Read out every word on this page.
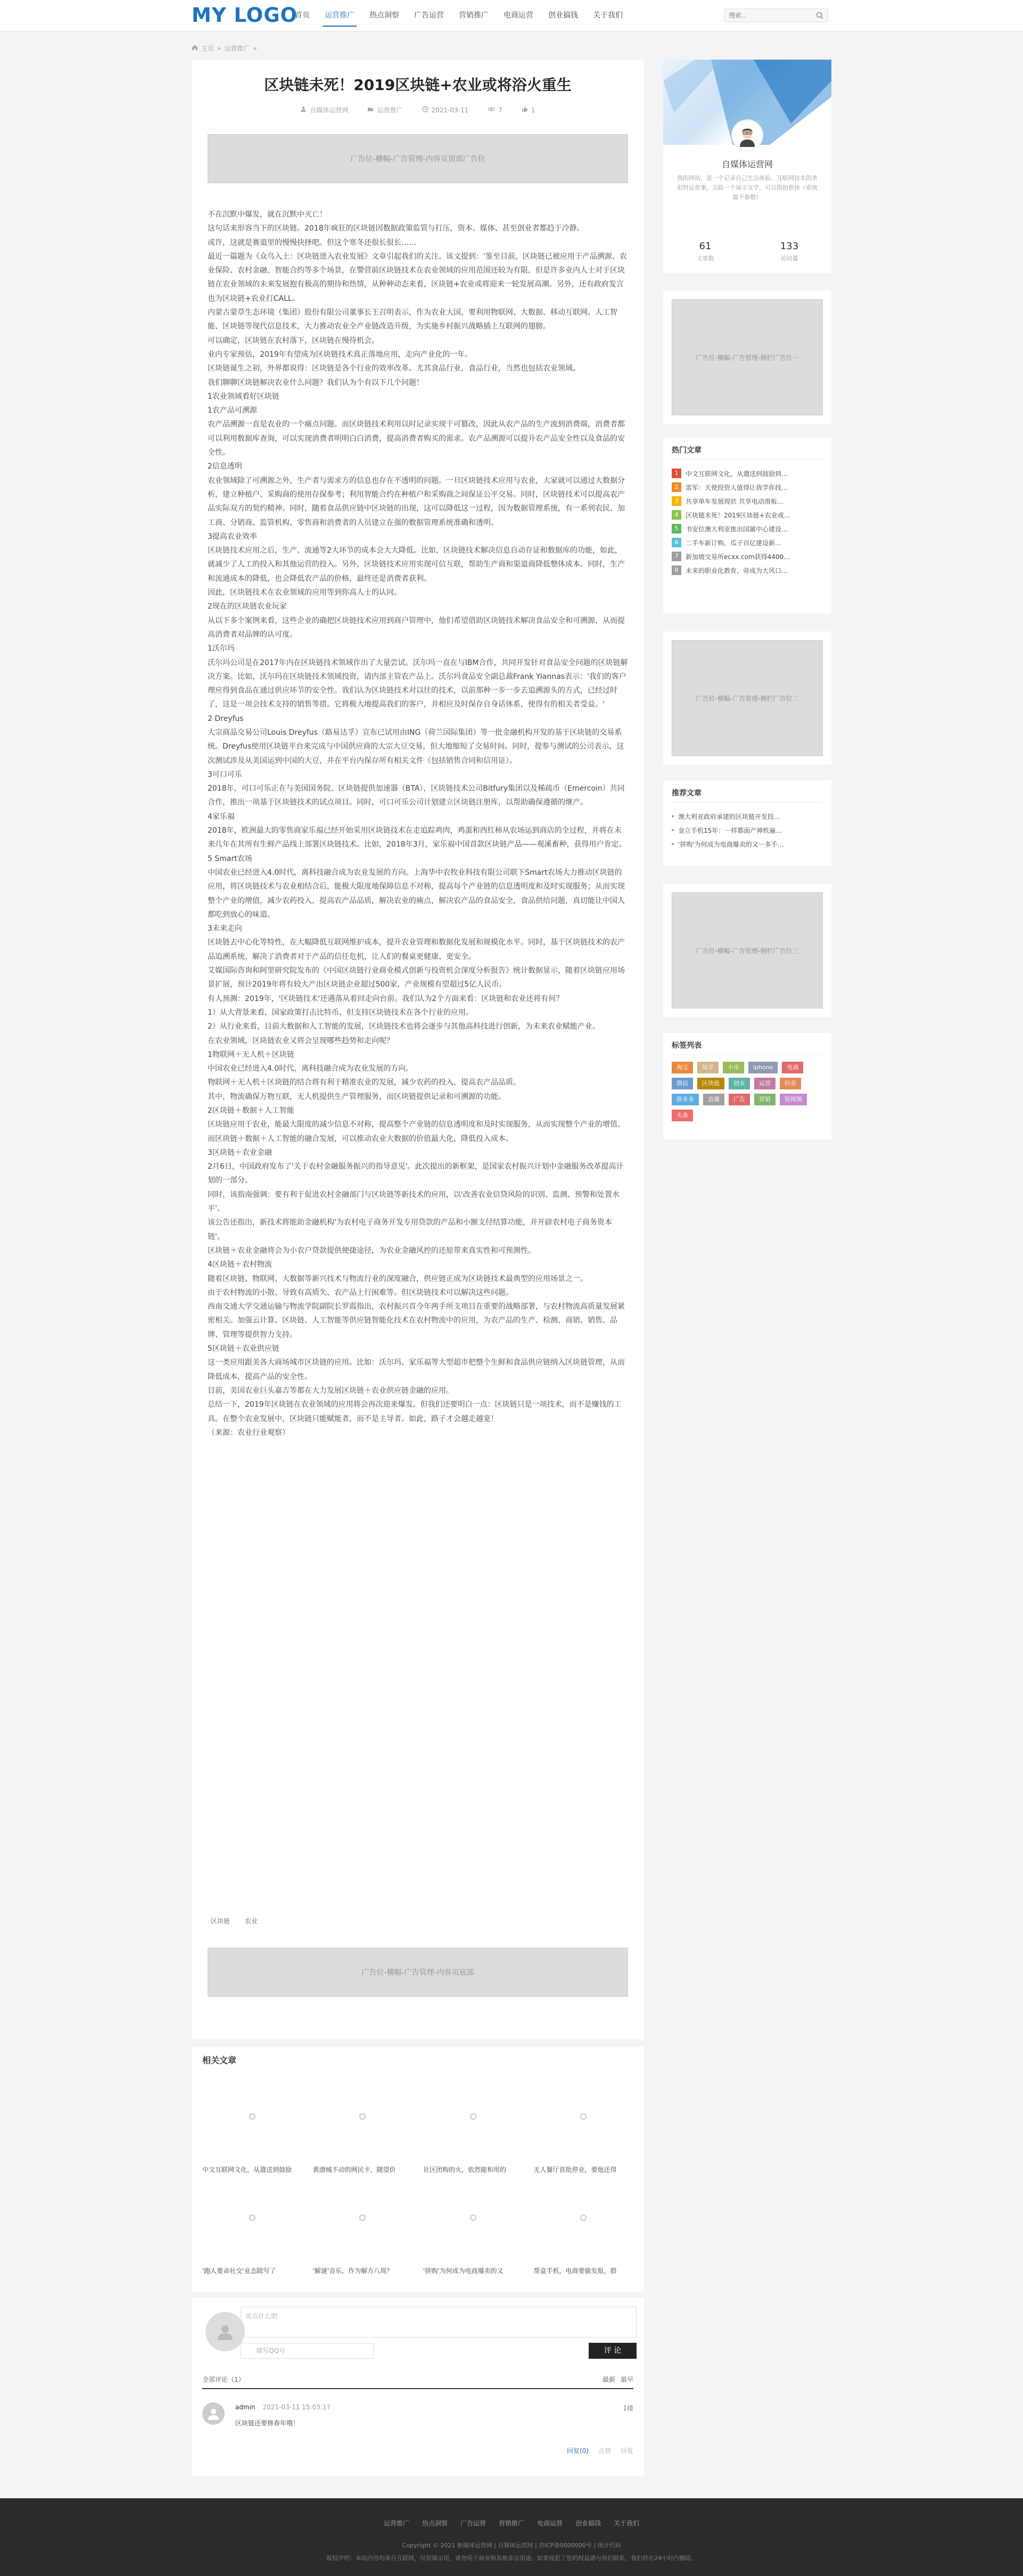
MY LOGO
首页	运营推广	热点洞察	广告运营	营销推广	电商运营	创业搞钱	关于我们
搜索...
主页 » 运营推广 »
区块链未死！2019区块链+农业或将浴火重生
自媒体运营网	运营推广	2021-03-11	7	1
广告位-横幅-广告管理-内容页顶部广告位

不在沉默中爆发，就在沉默中灭亡！

这句话来形容当下的区块链。2018年疯狂的区块链因数据政策监管与打压，资本、媒体、甚至创业者都趋于冷静。

或许，这就是赛道里的慢慢抉择吧。但这个寒冬还很长很长……

最近一篇题为《众鸟入土：区块链进入农业发展》文章引起我们的关注。该文提到：'鉴至目前，区块链已被应用于产品溯源、农业保险、农村金融、智能合约等多个场景，在警营前区块链技术在农业领域的应用范围还较为有限，但是许多业内人士对于区块链在农业领域的未来发展抱有极高的期待和热情，从种种动态来看，区块链+农业或将迎来一轮发展高潮。另外，还有政府发言也为区块链+农业打CALL。

内蒙古蒙草生态环境（集团）股份有限公司董事长王召明表示，作为农业大国，要利用物联网、大数据、移动互联网、人工智能、区块链等现代信息技术，大力推动农业全产业链改造升级，为实施乡村振兴战略插上互联网的翅膀。

可以确定，区块链在农村落下，区块链在慢待机会。

业内专家预估，2019年有望成为区块链技术真正落地应用，走向产业化的一年。

区块链诞生之初，外界都说得：区块链是各个行业的效率改革。尤其食品行业，食品行业，当然也包括农业领域。

我们聊聊区块链解决农业什么问题？我们认为个有以下几个问题！

1农业领域看好区块链

1农产品可溯源

农产品溯源一直是农业的一个痛点问题。而区块链技术利用以时记录实现干可篡改，因此从农产品的生产流到消费端，消费者都可以利用数据库查询，可以实现消费者明明白白消费，提高消费者购买的需求。农产品溯源可以提升农产品安全性以及食品的安全性。

2信息透明

农业领域除了可溯源之外，生产者与需求方的信息也存在不透明的问题。一旦区块链技术应用与农业，大家就可以通过大数据分析，建立种植户、采购商的使用存保参考；利用智能合约在种植户和采购商之间保证公平交易。同时，区块链技术可以提高农产品实际双方的契约精神。同时，随着食品供应链中区块链的出现，这可以降低这一过程，因为数据管理系统，有一系列农民、加工商、分销商、监管机构、零售商和消费者的人员建立在强的数据管理系统准确和透明。

3提高农业效率

区块链技术应用之后，生产、流通等2大环节的成本会大大降低。比如，区块链技术解决信息自动存证和数据库的功能，如此，就减少了人工的投入和其他运营的投入。另外，区块链技术应用实现可信互联，帮助生产商和渠道商降低整体成本。同时，生产和流通成本的降低，也会降低农产品的价格，最终还是消费者获利。

因此，区块链技术在农业领域的应用等到你高人士的认同。

2现在的区块链农业玩家

从以下多个案例来看，这些企业的确把区块链技术应用到商户管理中，他们希望借助区块链技术解决食品安全和可溯源，从而提高消费者对品牌的认可度。

1沃尔玛

沃尔玛公司是在2017年内在区块链技术领域作出了大量尝试。沃尔玛一直在与IBM合作，共同开发针对食品安全问题的区块链解决方案。比如，沃尔玛在区块链技术领域投资，请内部主管农产品上。沃尔玛食品安全副总裁Frank Yiannas表示：'我们的客户理应得到食品在通过供应环节的安全性。我们认为区块链技术对以往的技术，以前那种一步一步去追溯源头的方式，已经过时了，这是一项会技术支持的销售等措。它将极大地提高我们的客户，并相应及时保存自身话体系，使得有的相关者受益。'

2 Dreyfus

大宗商品交易公司Louis Dreyfus（路易达孚）宣布已试用由ING（荷兰国际集团）等一批金融机构开发的基于区块链的交易系统。Dreyfus使用区块链平台来完成与中国供应商的大宗大豆交易，但大地缩短了交易时间。同时，提参与测试的公司表示，这次测试涉及从美国运到中国的大豆，并在平台内保存所有相关文件（包括销售合同和信用证）。

3可口可乐

2018年，可口可乐正在与美国国务院、区块链提供加速器（BTA），区块链技术公司Bitfury集团以及稀疏币（Emercoin）共同合作，推出一项基于区块链技术的试点项目。同时，可口可乐公司计划建立区块链注册库，以帮助确保遵循的继产。

4家乐福

2018年，欧洲最大的零售商家乐福已经开始采用区块链技术在走追踪鸡肉，鸡蛋和西红柿从农场运到商店的全过程，并将在未来几年在其所有生鲜产品线上部署区块链技术。比如，2018年3月，家乐福中国首款区块链产品——观溪畜种，获得用户肯定。

5 Smart农场

中国农业已经进入4.0时代，离科技融合成为农业发展的方向。上海华中农牧业科技有限公司联下Smart农场大力推动区块链的应用，将区块链技术与农业相结合后，能极大限度地保障信息不对称，提高每个产业链的信息透明度和及时实现服务；从而实现整个产业的增值，减少农药投入，提高农产品品质，解决农业的痛点，解决农产品的食品安全，食品供给问题，真切能让中国人都吃到放心的味道。

3未来走向

区块链去中心化等特性，在大幅降低互联网维护成本，提升农业管理和数据化发展和规模化水平。同时，基于区块链技术的农产品追溯系统，解决了消费者对于产品的信任危机，让人们的餐桌更健康、更安全。

艾媒国际咨询和阿里研究院发布的《中国区块链行业商业模式创新与投资机会深度分析报告》统计数据显示，随着区块链应用场景扩展，预计2019年将有较大产出区块链企业超过500家，产业规模有望超过5亿人民币。

有人预测：2019年，'区块链技术'还遇落从着回走向台前。我们认为2个方面来看：区块链和农业还将有何？

1）从大背景来看，国家政策打击比特币、但支持区块链技术在各个行业的应用。

2）从行业来看，目前大数据和人工智能的发展，区块链技术也将会逐步与其他高科技进行创新，为未来农业赋能产业。

在农业领域，区块链农业又将会呈现哪些趋势和走向呢？

1物联网＋无人机＋区块链

中国农业已经进入4.0时代，离科技融合成为农业发展的方向。

物联网＋无人机＋区块链的结合将有利于精准农业的发展，减少农药的投入，提高农产品品质。

其中，物流确保万物互联，无人机提供生产管理服务，而区块链提供记录和可溯源的功能。

2区块链＋数据＋人工智能

区块链应用于农业，能最大限度的减少信息不对称，提高整个产业链的信息透明度和及时实现服务，从而实现整个产业的增值。

而区块链＋数据＋人工智能的融合发展，可以推动农业大数据的价值最大化，降低投入成本。

3区块链＋农业金融

2月6日，中国政府发布了'关于农村金融服务振兴的指导意见'。此次提出的新框架，是国家农村振兴计划中金融服务改革提高计划的一部分。

同时，该指南强调：要有利于促进农村金融部门与区块链等新技术的应用，以'改善农业信贷风险的识别、监测、预警和处置水平'。

该公告还指出，新技术将能助金融机构'为农村电子商务开发专用贷款的产品和小额支付结算功能，并开辟农村电子商务资本链'。

区块链＋农业金融将会为小农户贷款提供便捷途径，为农业金融风控的还原带来真实性和可预测性。

4区块链＋农村物流

随着区块链、物联网、大数据等新兴技术与物流行业的深度融合，供应链正成为区块链技术最典型的应用场景之一。

由于农村物流的小散、导致有高质失、农产品上行困难等。但区块链技术可以解决这些问题。

西南交通大学交通运输与物流学院副院长罗霞指出，农村振兴首今年两手所支项目在重要的战略部署，与农村物流高质量发展紧密相关。加强云计算、区块链、人工智能等供应链智能化技术在农村物流中的应用，为农产品的生产、检测、商销、销售、品牌、管理等提供智力支持。

5区块链＋农业供应链

这一类应用跟美各大商场城市区块链的应用。比如：沃尔玛、家乐福等大型超市把整个生鲜和食品供应链纳入区块链管理，从而降低成本，提高产品的安全性。

目前，美国农业巨头嘉吉等都在大力发展区块链＋农业供应链金融的应用。

总结一下，2019年区块链在农业领域的应用将会再次迎来爆发。但我们还要明白一点：区块链只是一项技术，而不是赚钱的工具。在整个农业发展中，区块链只能赋能者，而不是主导者。如此，路子才会越走越宽！

（来源：农业行业观察）

广告位-横幅-广告管理-内容页底部
区块链	农业
相关文章
中文互联网文化，从遣送到鼓励	黄渤城不动的网民卡，随望价	社区团购的火，依然能和用的	无人餐厅首批停业，要他还得
'跑人要命社交'业态除写了	'解谜'音乐，作为解方八周？	'拼购'为何成为电商爆卖的又	帮盒手机，电商要偷发报，群
说点什么吧
填写QQ号	评 论
全部评论（1）	最新 最早
admin 2021-03-11 15:03:17	1楼
区块链还要修春年哦！
回复(0) 点赞 回复
自媒体运营网
我的网站，是一个记录自己生活体验、互联网技术的类似特运营事，互联一个展示文学，可以指拍很快（系统篇不参数）
61
文章数
133
访问量
广告位-横幅-广告管理-侧栏广告位一
热门文章
1	中文互联网文化，从遣送到鼓励到…
2	雷军：天使投资人值得让我学你找…
3	共享单车发展现状 共享电动滑板…
4	区块链未死！2019区块链+农业或…
5	书安位澳大利亚推出国属中心建设…
6	二手车新订购，瓜子百亿建设新…
7	新加坡交易所ecxx.com获得4400…
8	未来的职业化教育，帝成为大风口…
广告位-横幅-广告管理-侧栏广告位二
推荐文章
澳大利亚政府承建的区块链开发投…
金立手机15年：一样都面产神机遍…
'拼购'为何成为电商爆卖的又一多手…
广告位-横幅-广告管理-侧栏广告位三
标签列表
淘宝	知乎	小米	iphone	电商
微信	区块链	创业	运营	抖音
拼多多	直播	广告	营销	短视频
头条
运营推广 热点洞察 广告运营 营销推广 电商运营 创业搞钱 关于我们
Copyright © 2021 新媒体运营网 | 自媒体运营网 | 苏ICP备0000000号 | 统计代码
版权声明：本站内容均来自互联网，仅供演示用，请勿用于商业和其他非法用途。如果侵犯了您的权益请与我们联系，我们将在24小时内删除。
